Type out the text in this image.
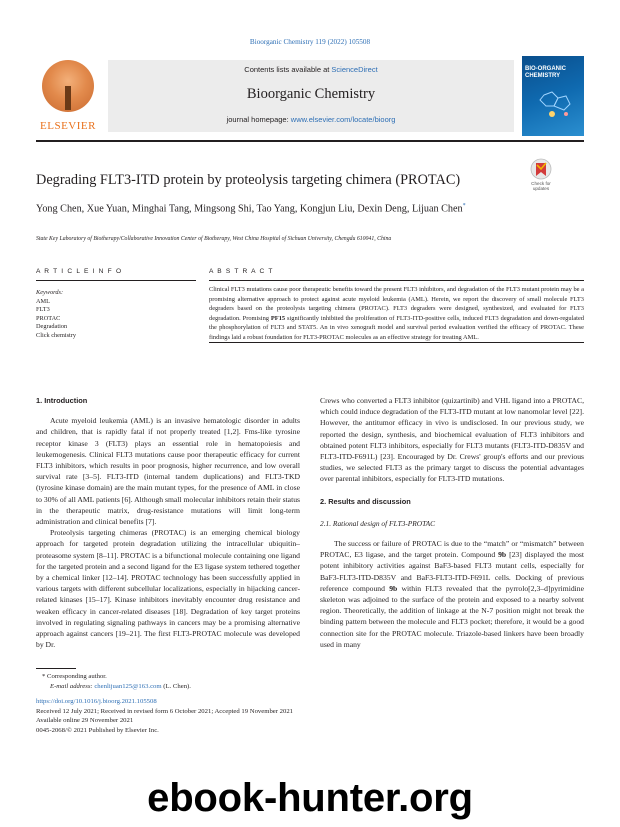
Bioorganic Chemistry 119 (2022) 105508
ELSEVIER
Contents lists available at ScienceDirect
Bioorganic Chemistry
journal homepage: www.elsevier.com/locate/bioorg
BIO-ORGANIC CHEMISTRY
Degrading FLT3-ITD protein by proteolysis targeting chimera (PROTAC)	Check for updates
Yong Chen, Xue Yuan, Minghai Tang, Mingsong Shi, Tao Yang, Kongjun Liu, Dexin Deng, Lijuan Chen*
State Key Laboratory of Biotherapy/Collaborative Innovation Center of Biotherapy, West China Hospital of Sichuan University, Chengdu 610041, China
A R T I C L E I N F O	A B S T R A C T
Keywords:
AML
FLT3
PROTAC
Degradation
Click chemistry
Clinical FLT3 mutations cause poor therapeutic benefits toward the present FLT3 inhibitors, and degradation of the FLT3 mutant protein may be a promising alternative approach to protect against acute myeloid leukemia (AML). Herein, we report the discovery of small molecule FLT3 degraders based on the proteolysis targeting chimera (PROTAC). FLT3 degraders were designed, synthesized, and evaluated for FLT3 degradation. Promising PF15 significantly inhibited the proliferation of FLT3-ITD-positive cells, induced FLT3 degradation and down-regulated the phosphorylation of FLT3 and STAT5. An in vivo xenograft model and survival period evaluation verified the efficacy of PROTAC. These findings laid a robust foundation for FLT3-PROTAC molecules as an effective strategy for treating AML.
1. Introduction

Acute myeloid leukemia (AML) is an invasive hematologic disorder in adults and children, that is rapidly fatal if not properly treated [1,2]. Fms-like tyrosine receptor kinase 3 (FLT3) plays an essential role in hematopoiesis and leukemogenesis. Clinical FLT3 mutations cause poor therapeutic efficacy for current FLT3 inhibitors, which results in poor prognosis, higher recurrence, and low overall survival rate [3–5]. FLT3-ITD (internal tandem duplications) and FLT3-TKD (tyrosine kinase domain) are the main mutant types, for the presence of AML in close to 30% of all AML patients [6]. Although small molecular inhibitors retain their status in the therapeutic matrix, drug-resistance mutations will limit long-term administration and clinical benefits [7].

Proteolysis targeting chimeras (PROTAC) is an emerging chemical biology approach for targeted protein degradation utilizing the intracellular ubiquitin–proteasome system [8–11]. PROTAC is a bifunctional molecule containing one ligand for the targeted protein and a second ligand for the E3 ligase system tethered together by a chemical linker [12–14]. PROTAC technology has been successfully applied in various targets with different subcellular localizations, especially in hijacking cancer-related kinases [15–17]. Kinase inhibitors inevitably encounter drug resistance and weaken efficacy in cancer-related diseases [18]. Degradation of key target proteins involved in regulating signaling pathways in cancers may be a promising alternative approach against cancers [19–21]. The first FLT3-PROTAC molecule was developed by Dr.

Crews who converted a FLT3 inhibitor (quizartinib) and VHL ligand into a PROTAC, which could induce degradation of the FLT3-ITD mutant at low nanomolar level [22]. However, the antitumor efficacy in vivo is undisclosed. In our previous study, we reported the design, synthesis, and biochemical evaluation of FLT3 inhibitors and obtained potent FLT3 inhibitors, especially for FLT3 mutants (FLT3-ITD-D835V and FLT3-ITD-F691L) [23]. Encouraged by Dr. Crews' group's efforts and our previous studies, we selected FLT3 as the primary target to discuss the potential advantages over parental inhibitors, especially for FLT3-ITD mutations.

2. Results and discussion
2.1. Rational design of FLT3-PROTAC

The success or failure of PROTAC is due to the “match” or “mismatch” between PROTAC, E3 ligase, and the target protein. Compound 9b [23] displayed the most potent inhibitory activities against BaF3-based FLT3 mutant cells, especially for BaF3-FLT3-ITD-D835V and BaF3-FLT3-ITD-F691L cells. Docking of previous reference compound 9b within FLT3 revealed that the pyrrolo[2,3–d]pyrimidine skeleton was adjoined to the surface of the protein and exposed to a nearby solvent region. Theoretically, the addition of linkage at the N-7 position might not break the binding pattern between the molecule and FLT3 pocket; therefore, it would be a good connection site for the PROTAC molecule. Triazole-based linkers have been broadly used in many

* Corresponding author.
E-mail address: chenlijuan125@163.com (L. Chen).
https://doi.org/10.1016/j.bioorg.2021.105508
Received 12 July 2021; Received in revised form 6 October 2021; Accepted 19 November 2021
Available online 29 November 2021
0045-2068/© 2021 Published by Elsevier Inc.
ebook-hunter.org
